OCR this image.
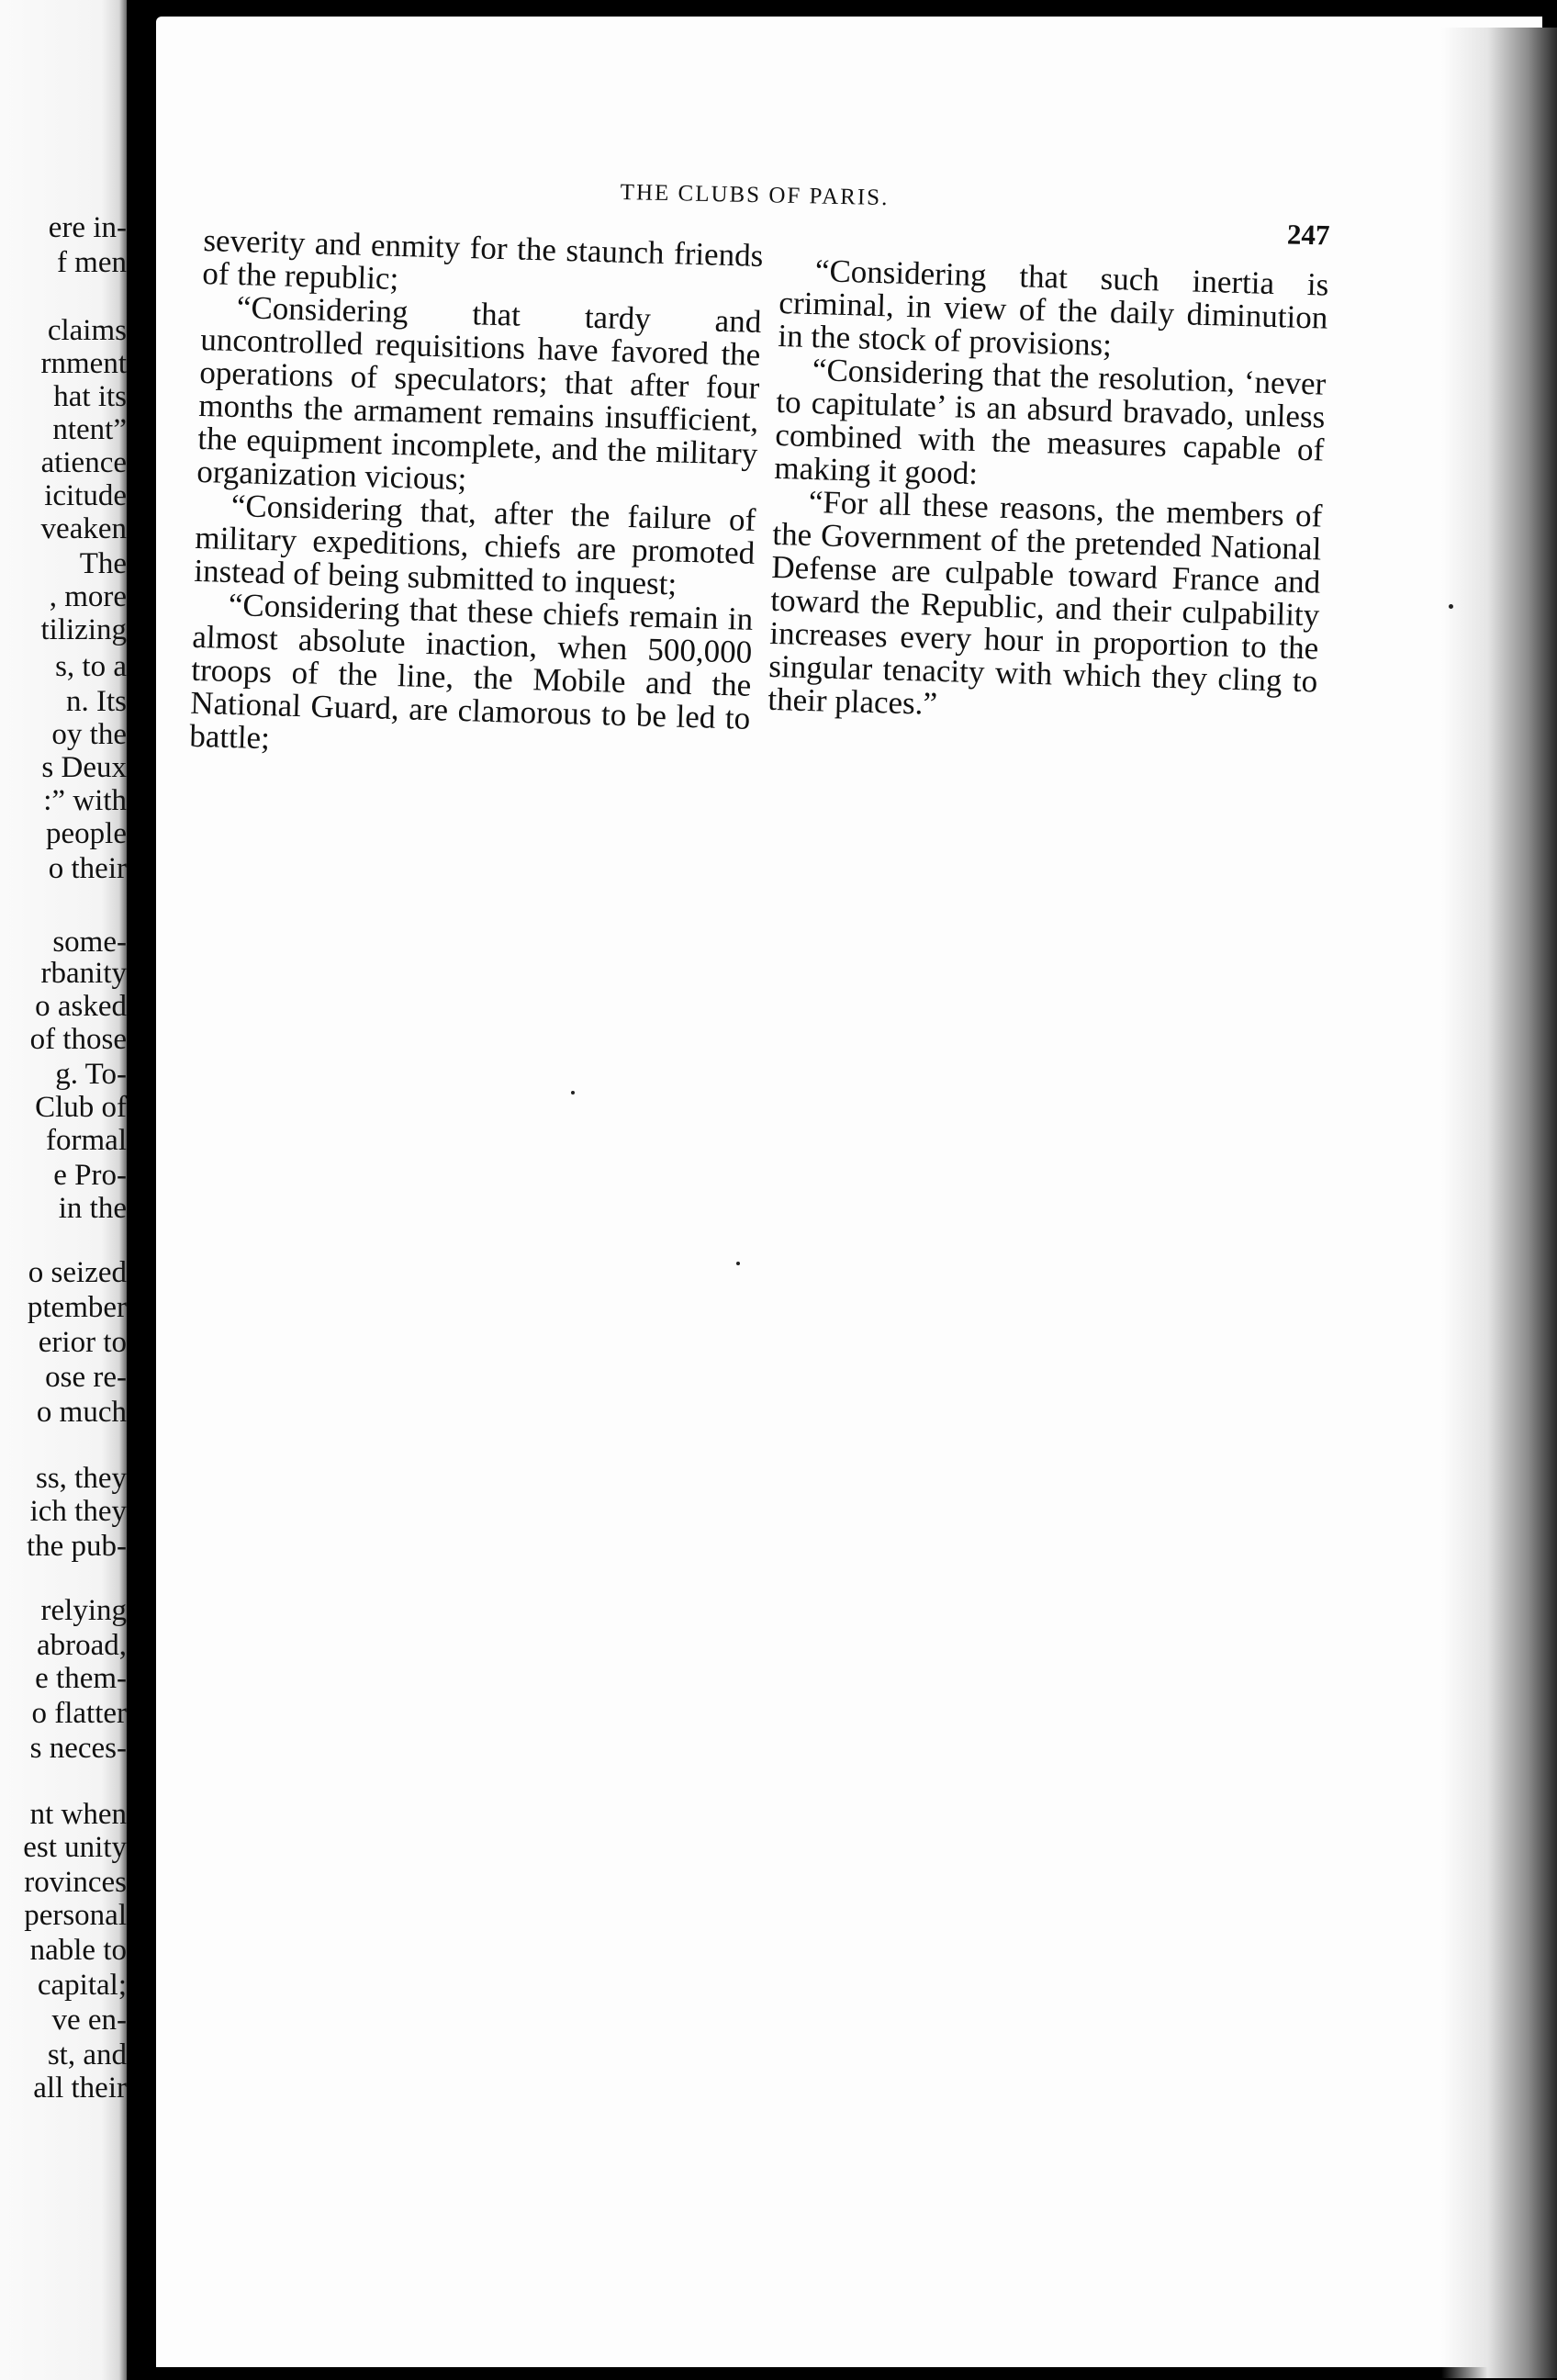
ere in-
f men
claims
rnment
hat its
ntent”
atience
icitude
veaken
The
, more
tilizing
s, to a
n. Its
oy the
s Deux
:” with
people
o their
some-
rbanity
o asked
of those
g. To-
Club of
formal
e Pro-
in the
o seized
ptember
erior to
ose re-
o much
ss, they
ich they
the pub-
relying
abroad,
e them-
o flatter
s neces-
nt when
est unity
rovinces
personal
nable to
capital;
ve en-
st, and
all their
THE CLUBS OF PARIS.
247

severity and enmity for the staunch friends of the republic;

“Considering that tardy and uncontrolled requisitions have favored the operations of speculators; that after four months the armament remains insufficient, the equipment incomplete, and the military organization vicious;

“Considering that, after the failure of military expeditions, chiefs are promoted instead of being submitted to inquest;

“Considering that these chiefs remain in almost absolute inaction, when 500,000 troops of the line, the Mobile and the National Guard, are clamorous to be led to battle;

“Considering that such inertia is criminal, in view of the daily diminution in the stock of provisions;

“Considering that the resolution, ‘never to capitulate’ is an absurd bravado, unless combined with the measures capable of making it good:

“For all these reasons, the members of the Government of the pretended National Defense are culpable toward France and toward the Republic, and their culpability increases every hour in proportion to the singular tenacity with which they cling to their places.”
